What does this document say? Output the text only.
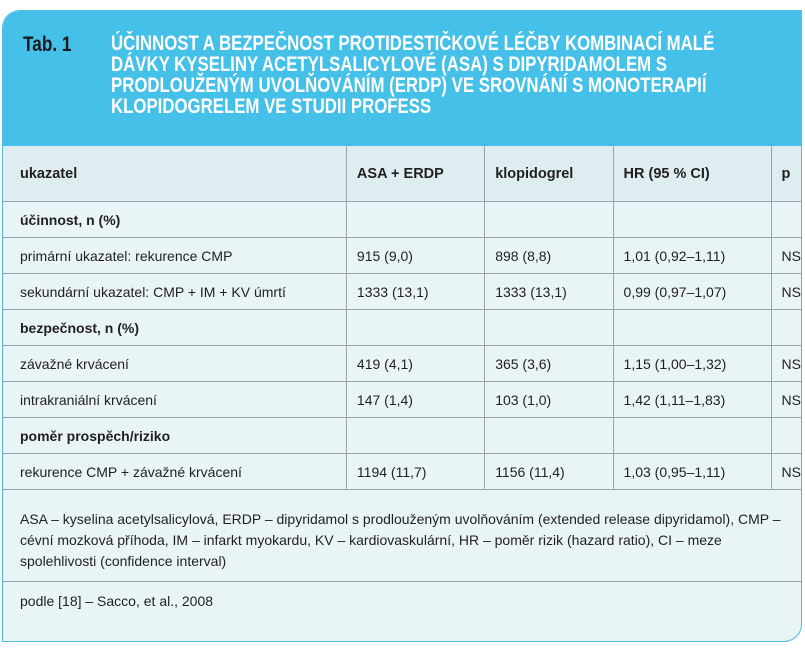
Tab. 1 ÚČINNOST A BEZPEČNOST PROTIDESTIČKOVÉ LÉČBY KOMBINACÍ MALÉ DÁVKY KYSELINY ACETYLSALICYLOVÉ (ASA) S DIPYRIDAMOLEM S PRODLOUŽENÝM UVOLŇOVÁNÍM (ERDP) VE SROVNÁNÍ S MONOTERAPIÍ KLOPIDOGRELEM VE STUDII PROFESS
ukazatel	ASA + ERDP	klopidogrel	HR (95 % CI)	p
účinnost, n (%)				
primární ukazatel: rekurence CMP	915 (9,0)	898 (8,8)	1,01 (0,92–1,11)	NS
sekundární ukazatel: CMP + IM + KV úmrtí	1333 (13,1)	1333 (13,1)	0,99 (0,97–1,07)	NS
bezpečnost, n (%)				
závažné krvácení	419 (4,1)	365 (3,6)	1,15 (1,00–1,32)	NS
intrakraniální krvácení	147 (1,4)	103 (1,0)	1,42 (1,11–1,83)	NS
poměr prospěch/riziko				
rekurence CMP + závažné krvácení	1194 (11,7)	1156 (11,4)	1,03 (0,95–1,11)	NS

ASA – kyselina acetylsalicylová, ERDP – dipyridamol s prodlouženým uvolňováním (extended release dipyridamol), CMP – cévní mozková příhoda, IM – infarkt myokardu, KV – kardiovaskulární, HR – poměr rizik (hazard ratio), CI – meze spolehlivosti (confidence interval)

podle [18] – Sacco, et al., 2008
